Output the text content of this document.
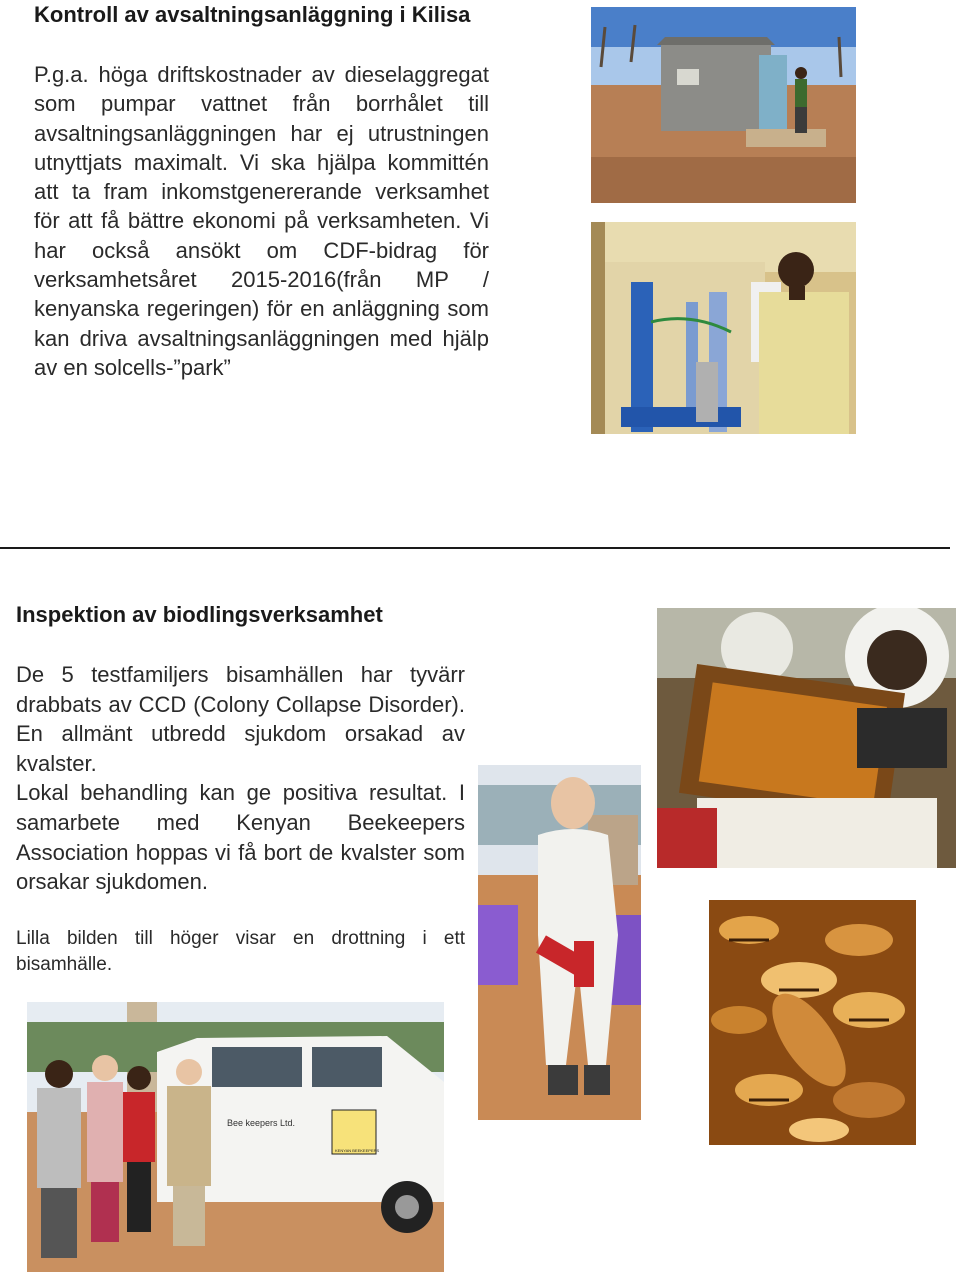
Kontroll av avsaltningsanläggning i Kilisa

P.g.a. höga driftskostnader av dieselaggregat som pumpar vattnet från borrhålet till avsaltningsanläggningen har ej utrustningen utnyttjats maximalt. Vi ska hjälpa kommittén att ta fram inkomstgenererande verksamhet för att få bättre ekonomi på verksamheten. Vi har också ansökt om CDF-bidrag för verksamhetsåret 2015-2016(från MP / kenyanska regeringen) för en anläggning som kan driva avsaltningsanläggningen med hjälp av en solcells-”park”

Inspektion av biodlingsverksamhet

De 5 testfamiljers bisamhällen har tyvärr drabbats av CCD (Colony Collapse Disorder). En allmänt utbredd sjukdom orsakad av kvalster.

Lokal behandling kan ge positiva resultat. I samarbete med Kenyan Beekeepers Association hoppas vi få bort de kvalster som orsakar sjukdomen.

Lilla bilden till höger visar en drottning i ett bisamhälle.

Bee keepers Ltd.
KENYAN BEEKEEPERS
